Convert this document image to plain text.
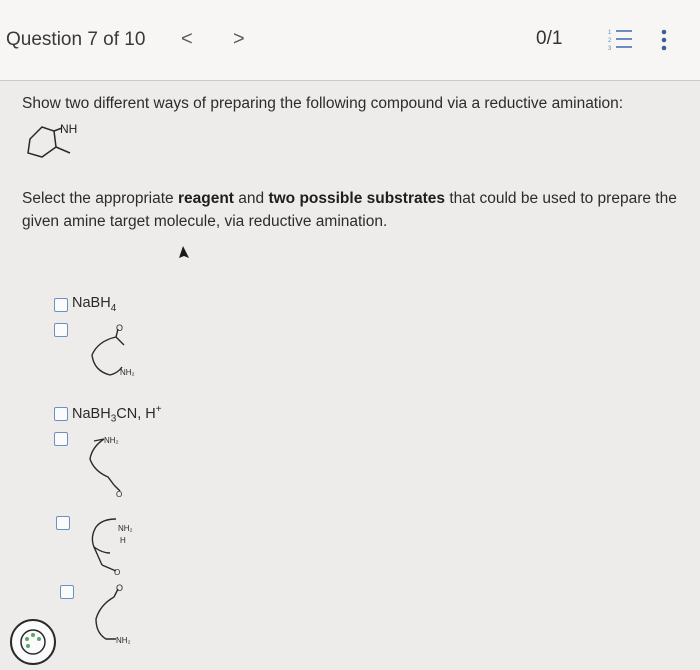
Question 7 of 10 < >	0/1	1
2
3
Show two different ways of preparing the following compound via a reductive amination:
NH
Select the appropriate reagent and two possible substrates that could be used to prepare the given amine target molecule, via reductive amination.
NaBH$_4$
O
NH₂
NaBH$_3$CN, H+
NH₂
O
NH₂
H
O
O
NH₂
